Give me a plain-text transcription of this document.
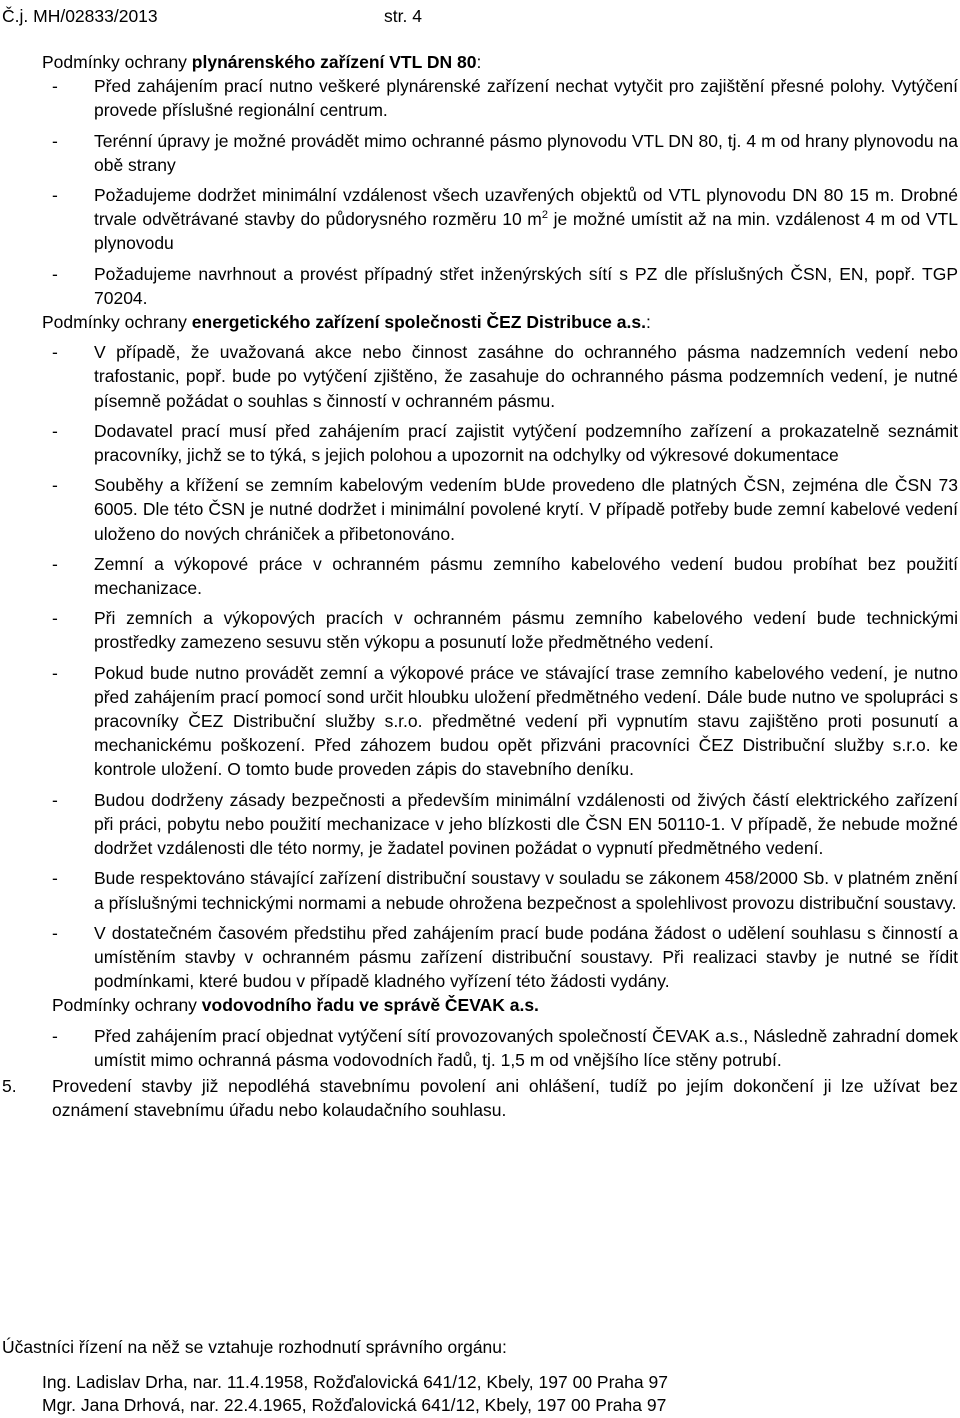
Č.j. MH/02833/2013	str. 4

Podmínky ochrany plynárenského zařízení VTL DN 80:

- Před zahájením prací nutno veškeré plynárenské zařízení nechat vytyčit pro zajištění přesné polohy. Vytýčení provede příslušné regionální centrum.

- Terénní úpravy je možné provádět mimo ochranné pásmo plynovodu VTL DN 80, tj. 4 m od hrany plynovodu na obě strany

- Požadujeme dodržet minimální vzdálenost všech uzavřených objektů od VTL plynovodu DN 80 15 m. Drobné trvale odvětrávané stavby do půdorysného rozměru 10 $m^2$ je možné umístit až na min. vzdálenost 4 m od VTL plynovodu

- Požadujeme navrhnout a provést případný střet inženýrských sítí s PZ dle příslušných ČSN, EN, popř. TGP 70204.

Podmínky ochrany energetického zařízení společnosti ČEZ Distribuce a.s.:

- V případě, že uvažovaná akce nebo činnost zasáhne do ochranného pásma nadzemních vedení nebo trafostanic, popř. bude po vytýčení zjištěno, že zasahuje do ochranného pásma podzemních vedení, je nutné písemně požádat o souhlas s činností v ochranném pásmu.

- Dodavatel prací musí před zahájením prací zajistit vytýčení podzemního zařízení a prokazatelně seznámit pracovníky, jichž se to týká, s jejich polohou a upozornit na odchylky od výkresové dokumentace

- Souběhy a křížení se zemním kabelovým vedením bUde provedeno dle platných ČSN, zejména dle ČSN 73 6005. Dle této ČSN je nutné dodržet i minimální povolené krytí. V případě potřeby bude zemní kabelové vedení uloženo do nových chrániček a přibetonováno.

- Zemní a výkopové práce v ochranném pásmu zemního kabelového vedení budou probíhat bez použití mechanizace.

- Při zemních a výkopových pracích v ochranném pásmu zemního kabelového vedení bude technickými prostředky zamezeno sesuvu stěn výkopu a posunutí lože předmětného vedení.

- Pokud bude nutno provádět zemní a výkopové práce ve stávající trase zemního kabelového vedení, je nutno před zahájením prací pomocí sond určit hloubku uložení předmětného vedení. Dále bude nutno ve spolupráci s pracovníky ČEZ Distribuční služby s.r.o. předmětné vedení při vypnutím stavu zajištěno proti posunutí a mechanickému poškození. Před záhozem budou opět přizváni pracovníci ČEZ Distribuční služby s.r.o. ke kontrole uložení. O tomto bude proveden zápis do stavebního deníku.

- Budou dodrženy zásady bezpečnosti a především minimální vzdálenosti od živých částí elektrického zařízení při práci, pobytu nebo použití mechanizace v jeho blízkosti dle ČSN EN 50110-1. V případě, že nebude možné dodržet vzdálenosti dle této normy, je žadatel povinen požádat o vypnutí předmětného vedení.

- Bude respektováno stávající zařízení distribuční soustavy v souladu se zákonem 458/2000 Sb. v platném znění a příslušnými technickými normami a nebude ohrožena bezpečnost a spolehlivost provozu distribuční soustavy.

- V dostatečném časovém předstihu před zahájením prací bude podána žádost o udělení souhlasu s činností a umístěním stavby v ochranném pásmu zařízení distribuční soustavy. Při realizaci stavby je nutné se řídit podmínkami, které budou v případě kladného vyřízení této žádosti vydány.

Podmínky ochrany vodovodního řadu ve správě ČEVAK a.s.

- Před zahájením prací objednat vytýčení sítí provozovaných společností ČEVAK a.s., Následně zahradní domek umístit mimo ochranná pásma vodovodních řadů, tj. 1,5 m od vnějšího líce stěny potrubí.

5. Provedení stavby již nepodléhá stavebnímu povolení ani ohlášení, tudíž po jejím dokončení ji lze užívat bez oznámení stavebnímu úřadu nebo kolaudačního souhlasu.

Účastníci řízení na něž se vztahuje rozhodnutí správního orgánu:
Ing. Ladislav Drha, nar. 11.4.1958, Rožďalovická 641/12, Kbely, 197 00 Praha 97
Mgr. Jana Drhová, nar. 22.4.1965, Rožďalovická 641/12, Kbely, 197 00 Praha 97
